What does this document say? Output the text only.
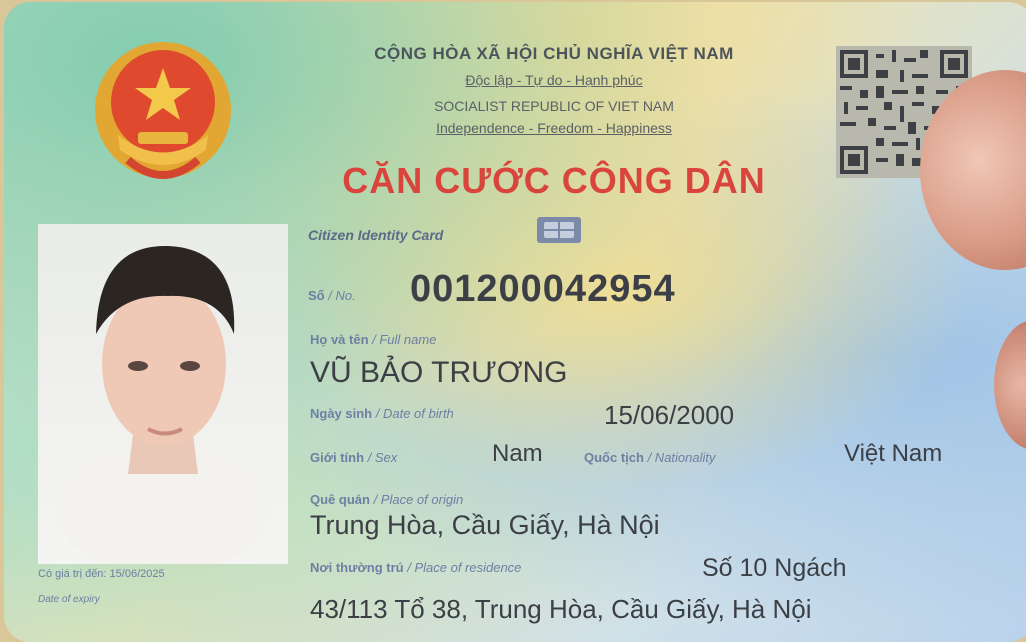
CỘNG HÒA XÃ HỘI CHỦ NGHĨA VIỆT NAM
Độc lập - Tự do - Hạnh phúc
SOCIALIST REPUBLIC OF VIET NAM
Independence - Freedom - Happiness
CĂN CƯỚC CÔNG DÂN
Citizen Identity Card
Có giá trị đến: 15/06/2025
Date of expiry
Số / No. 001200042954
Họ và tên / Full name
VŨ BẢO TRƯƠNG
Ngày sinh / Date of birth	15/06/2000
Giới tính / Sex	Nam	Quốc tịch / Nationality	Việt Nam
Quê quán / Place of origin
Trung Hòa, Cầu Giấy, Hà Nội
Nơi thường trú / Place of residence	Số 10 Ngách
43/113 Tổ 38, Trung Hòa, Cầu Giấy, Hà Nội
